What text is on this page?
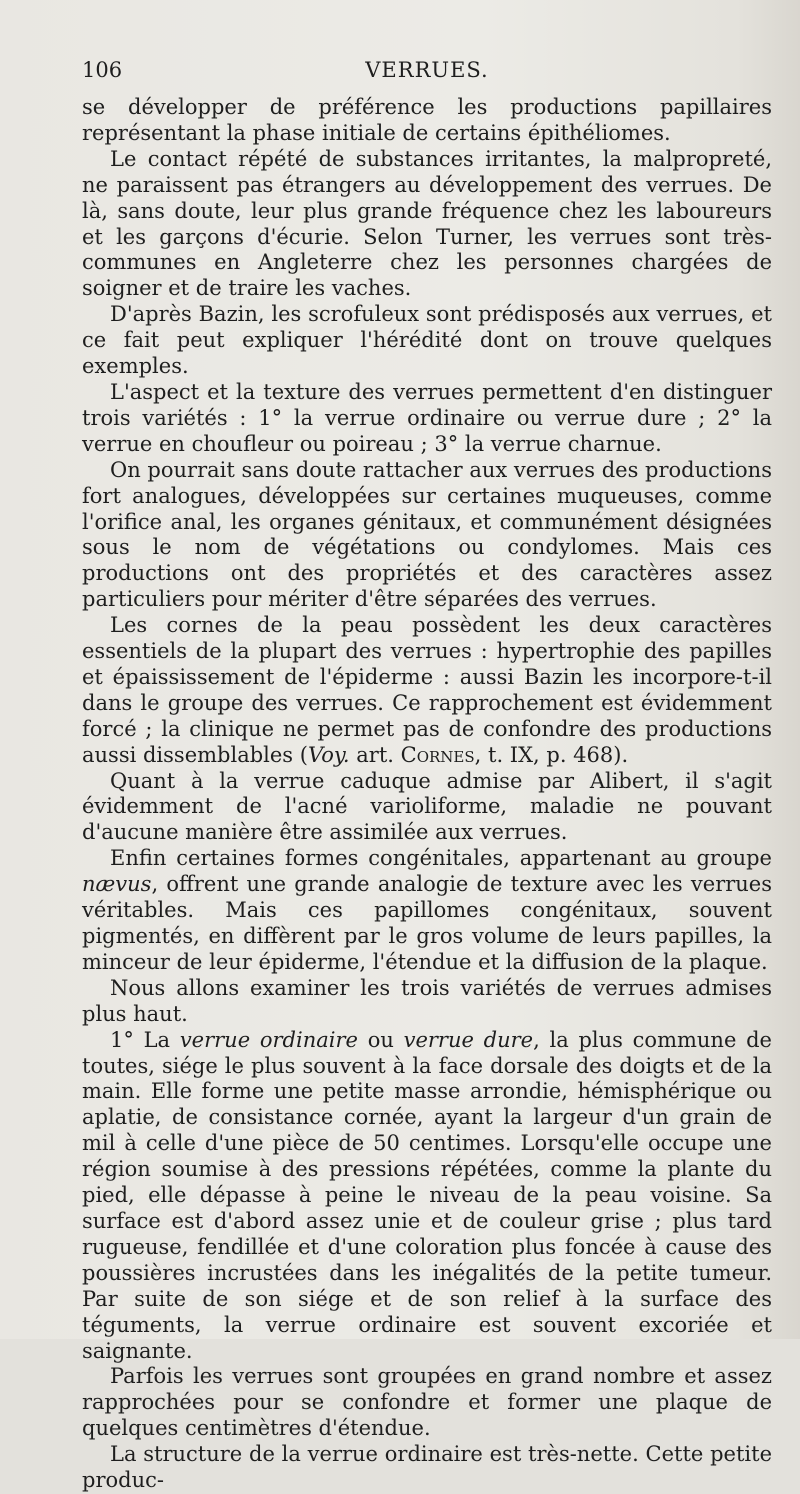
106	VERRUES.

se développer de préférence les productions papillaires représentant la phase initiale de certains épithéliomes.

Le contact répété de substances irritantes, la malpropreté, ne paraissent pas étrangers au développement des verrues. De là, sans doute, leur plus grande fréquence chez les laboureurs et les garçons d'écurie. Selon Turner, les verrues sont très-communes en Angleterre chez les personnes chargées de soigner et de traire les vaches.

D'après Bazin, les scrofuleux sont prédisposés aux verrues, et ce fait peut expliquer l'hérédité dont on trouve quelques exemples.

L'aspect et la texture des verrues permettent d'en distinguer trois variétés : 1° la verrue ordinaire ou verrue dure ; 2° la verrue en choufleur ou poireau ; 3° la verrue charnue.

On pourrait sans doute rattacher aux verrues des productions fort analogues, développées sur certaines muqueuses, comme l'orifice anal, les organes génitaux, et communément désignées sous le nom de végétations ou condylomes. Mais ces productions ont des propriétés et des caractères assez particuliers pour mériter d'être séparées des verrues.

Les cornes de la peau possèdent les deux caractères essentiels de la plupart des verrues : hypertrophie des papilles et épaississement de l'épiderme : aussi Bazin les incorpore-t-il dans le groupe des verrues. Ce rapprochement est évidemment forcé ; la clinique ne permet pas de confondre des productions aussi dissemblables (Voy. art. Cornes, t. IX, p. 468).

Quant à la verrue caduque admise par Alibert, il s'agit évidemment de l'acné varioliforme, maladie ne pouvant d'aucune manière être assimilée aux verrues.

Enfin certaines formes congénitales, appartenant au groupe nævus, offrent une grande analogie de texture avec les verrues véritables. Mais ces papillomes congénitaux, souvent pigmentés, en diffèrent par le gros volume de leurs papilles, la minceur de leur épiderme, l'étendue et la diffusion de la plaque.

Nous allons examiner les trois variétés de verrues admises plus haut.

1° La verrue ordinaire ou verrue dure, la plus commune de toutes, siége le plus souvent à la face dorsale des doigts et de la main. Elle forme une petite masse arrondie, hémisphérique ou aplatie, de consistance cornée, ayant la largeur d'un grain de mil à celle d'une pièce de 50 centimes. Lorsqu'elle occupe une région soumise à des pressions répétées, comme la plante du pied, elle dépasse à peine le niveau de la peau voisine. Sa surface est d'abord assez unie et de couleur grise ; plus tard rugueuse, fendillée et d'une coloration plus foncée à cause des poussières incrustées dans les inégalités de la petite tumeur. Par suite de son siége et de son relief à la surface des téguments, la verrue ordinaire est souvent excoriée et saignante.

Parfois les verrues sont groupées en grand nombre et assez rapprochées pour se confondre et former une plaque de quelques centimètres d'étendue.

La structure de la verrue ordinaire est très-nette. Cette petite produc-
